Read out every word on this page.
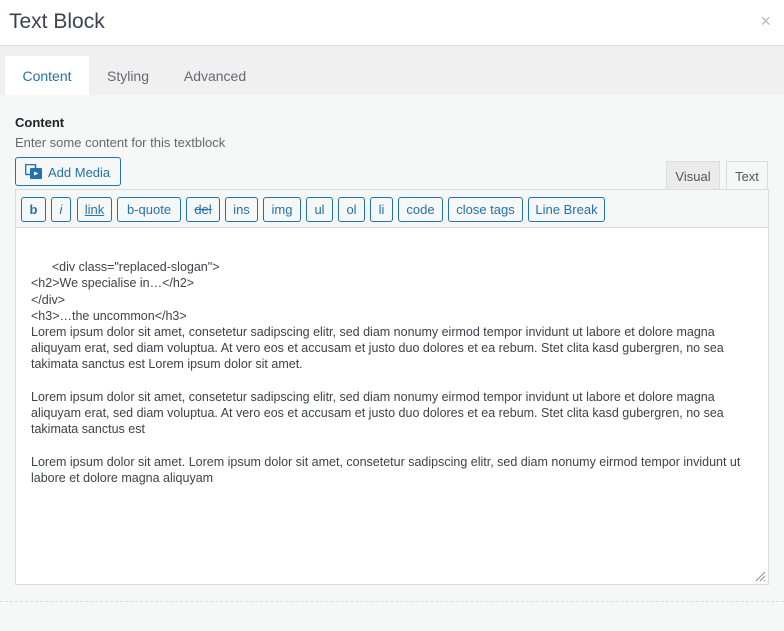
Text Block	×
Content	Styling	Advanced
Content
Enter some content for this textblock
Add Media	Visual	Text
b	i	link	b-quote	del	ins	img	ul	ol	li	code	close tags	Line Break

<div class="replaced-slogan">
<h2>We specialise in…</h2>
</div>
<h3>…the uncommon</h3>
Lorem ipsum dolor sit amet, consetetur sadipscing elitr, sed diam nonumy eirmod tempor invidunt ut labore et dolore magna aliquyam erat, sed diam voluptua. At vero eos et accusam et justo duo dolores et ea rebum. Stet clita kasd gubergren, no sea takimata sanctus est Lorem ipsum dolor sit amet.

Lorem ipsum dolor sit amet, consetetur sadipscing elitr, sed diam nonumy eirmod tempor invidunt ut labore et dolore magna aliquyam erat, sed diam voluptua. At vero eos et accusam et justo duo dolores et ea rebum. Stet clita kasd gubergren, no sea takimata sanctus est

Lorem ipsum dolor sit amet. Lorem ipsum dolor sit amet, consetetur sadipscing elitr, sed diam nonumy eirmod tempor invidunt ut labore et dolore magna aliquyam
